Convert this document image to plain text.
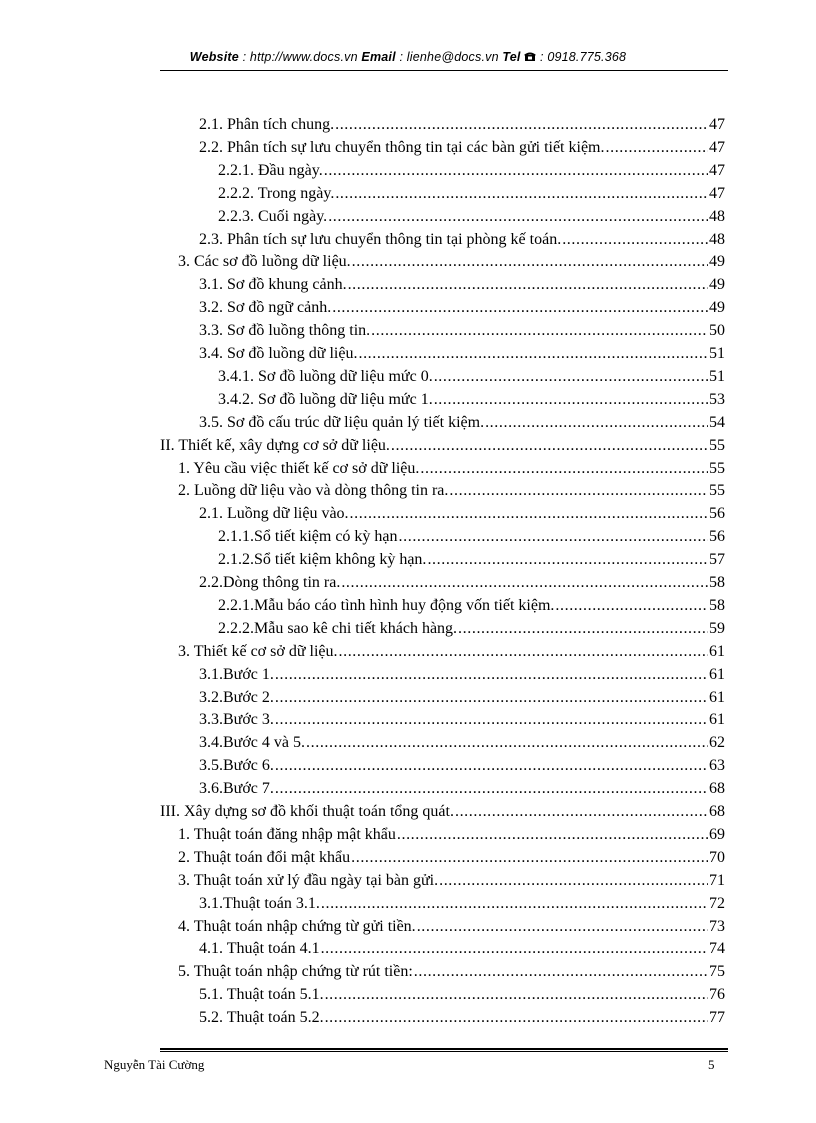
Website : http://www.docs.vn Email : lienhe@docs.vn Tel  : 0918.775.368
2.1. Phân tích chung. .....	47
2.2. Phân tích sự lưu chuyển thông tin tại các bàn gửi tiết kiệm. .....	47
2.2.1. Đầu ngày. .....	47
2.2.2. Trong ngày. .....	47
2.2.3. Cuối ngày. .....	48
2.3. Phân tích sự lưu chuyển thông tin tại phòng kế toán. .....	48
3. Các sơ đồ luồng dữ liệu. .....	49
3.1. Sơ đồ khung cảnh. .....	49
3.2. Sơ đồ ngữ cảnh. .....	49
3.3. Sơ đồ luồng thông tin. .....	50
3.4. Sơ đồ luồng dữ liệu. .....	51
3.4.1. Sơ đồ luồng dữ liệu mức 0. .....	51
3.4.2. Sơ đồ luồng dữ liệu mức 1. .....	53
3.5. Sơ đồ cấu trúc dữ liệu quản lý tiết kiệm. .....	54
II. Thiết kế, xây dựng cơ sở dữ liệu. .....	55
1. Yêu cầu việc thiết kế cơ sở dữ liệu. .....	55
2. Luồng dữ liệu vào và dòng thông tin ra. .....	55
2.1. Luồng dữ liệu vào. .....	56
2.1.1.Sổ tiết kiệm có kỳ hạn .....	56
2.1.2.Sổ tiết kiệm không kỳ hạn. .....	57
2.2.Dòng thông tin ra. .....	58
2.2.1.Mẫu báo cáo tình hình huy động vốn tiết kiệm. .....	58
2.2.2.Mẫu sao kê chi tiết khách hàng. .....	59
3. Thiết kế cơ sở dữ liệu. .....	61
3.1.Bước 1. .....	61
3.2.Bước 2. .....	61
3.3.Bước 3. .....	61
3.4.Bước 4 và 5. .....	62
3.5.Bước 6. .....	63
3.6.Bước 7. .....	68
III. Xây dựng sơ đồ khối thuật toán tổng quát. .....	68
1. Thuật toán đăng nhập mật khẩu .....	69
2. Thuật toán đổi mật khẩu .....	70
3. Thuật toán xử lý đầu ngày tại bàn gửi. .....	71
3.1.Thuật toán 3.1. .....	72
4. Thuật toán nhập chứng từ gửi tiền. .....	73
4.1. Thuật toán 4.1 .....	74
5. Thuật toán nhập chứng từ rút tiền: .....	75
5.1. Thuật toán 5.1. .....	76
5.2. Thuật toán 5.2. .....	77
Nguyễn Tài Cường	5
